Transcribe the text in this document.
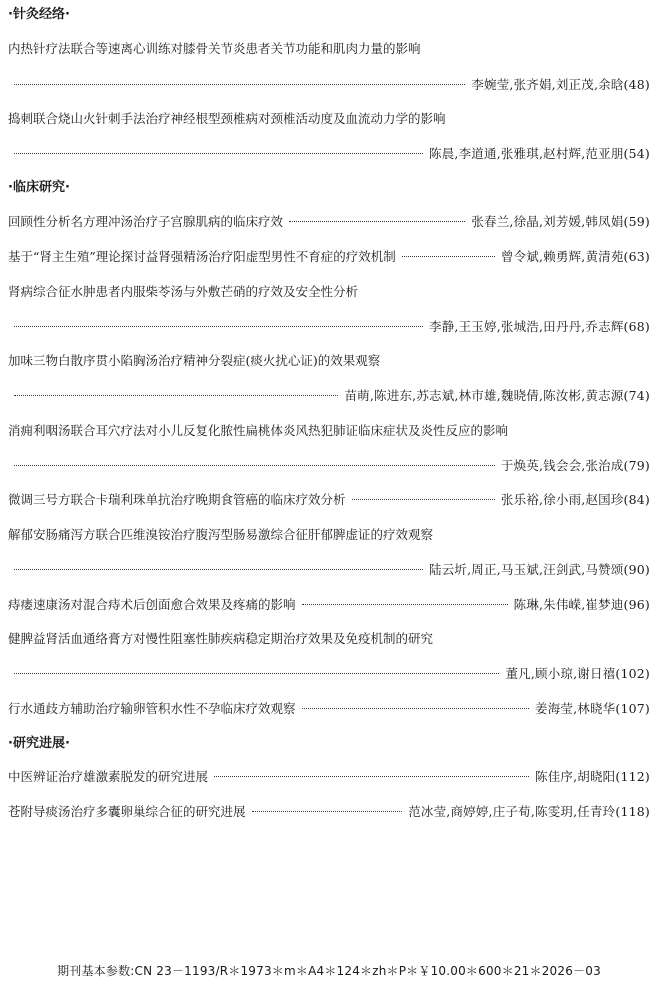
·针灸经络·
内热针疗法联合等速离心训练对膝骨关节炎患者关节功能和肌肉力量的影响
李婉莹,张齐娟,刘正茂,余晗(48)
捣刺联合烧山火针刺手法治疗神经根型颈椎病对颈椎活动度及血流动力学的影响
陈晨,李道通,张雅琪,赵村辉,范亚朋(54)
·临床研究·
回顾性分析名方理冲汤治疗子宫腺肌病的临床疗效	张春兰,徐晶,刘芳媛,韩凤娟(59)
基于“肾主生殖”理论探讨益肾强精汤治疗阳虚型男性不育症的疗效机制	曾令斌,赖勇辉,黄清苑(63)
肾病综合征水肿患者内服柴苓汤与外敷芒硝的疗效及安全性分析
李静,王玉婷,张城浩,田丹丹,乔志辉(68)
加味三物白散序贯小陷胸汤治疗精神分裂症(痰火扰心证)的效果观察
苗萌,陈进东,苏志斌,林市雄,魏晓倩,陈汝彬,黄志源(74)
消痈利咽汤联合耳穴疗法对小儿反复化脓性扁桃体炎风热犯肺证临床症状及炎性反应的影响
于焕英,钱会会,张治成(79)
微调三号方联合卡瑞利珠单抗治疗晚期食管癌的临床疗效分析	张乐裕,徐小雨,赵国珍(84)
解郁安肠痛泻方联合匹维溴铵治疗腹泻型肠易激综合征肝郁脾虚证的疗效观察
陆云圻,周正,马玉斌,汪剑武,马赞颂(90)
痔瘘速康汤对混合痔术后创面愈合效果及疼痛的影响	陈琳,朱伟嵘,崔梦迪(96)
健脾益肾活血通络膏方对慢性阻塞性肺疾病稳定期治疗效果及免疫机制的研究
董凡,顾小琼,谢日禧(102)
行水通歧方辅助治疗输卵管积水性不孕临床疗效观察	姜海莹,林晓华(107)
·研究进展·
中医辨证治疗雄激素脱发的研究进展	陈佳序,胡晓阳(112)
苍附导痰汤治疗多囊卵巢综合征的研究进展	范冰莹,商婷婷,庄子荀,陈雯玥,任青玲(118)
期刊基本参数:CN 23－1193/R＊1973＊m＊A4＊124＊zh＊P＊￥10.00＊600＊21＊2026－03
